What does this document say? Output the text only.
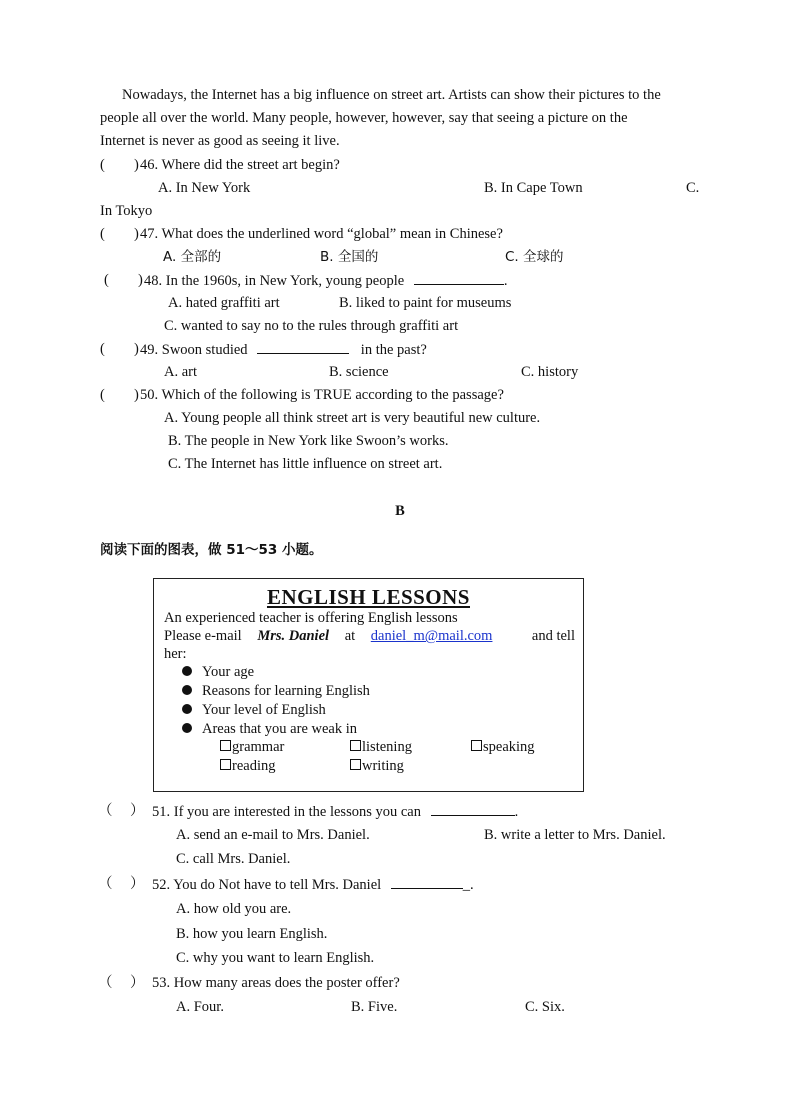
Nowadays, the Internet has a big influence on street art. Artists can show their pictures to the

people all over the world. Many people, however, however, say that seeing a picture on the

Internet is never as good as seeing it live.

( ) 46. Where did the street art begin?
A. In New York	B. In Cape Town	C.
In Tokyo
( ) 47. What does the underlined word “global” mean in Chinese?
A. 全部的	B. 全国的	C. 全球的
( ) 48. In the 1960s, in New York, young people	.
A. hated graffiti art	B. liked to paint for museums
C. wanted to say no to the rules through graffiti art
( ) 49. Swoon studied	in the past?
A. art	B. science	C. history
( ) 50. Which of the following is TRUE according to the passage?
A. Young people all think street art is very beautiful new culture.
B. The people in New York like Swoon’s works.
C. The Internet has little influence on street art.
B
阅读下面的图表，做 51～53 小题。
ENGLISH LESSONS
An experienced teacher is offering English lessons
Please e-mail Mrs. Daniel at daniel_m@mail.com	and tell
her:
Your age
Reasons for learning English
Your level of English
Areas that you are weak in
grammar	listening	speaking
reading	writing
（ ） 51. If you are interested in the lessons you can	.
A. send an e-mail to Mrs. Daniel.	B. write a letter to Mrs. Daniel.
C. call Mrs. Daniel.
（ ） 52. You do Not have to tell Mrs. Daniel	_.
A. how old you are.
B. how you learn English.
C. why you want to learn English.
（ ） 53. How many areas does the poster offer?
A. Four.	B. Five.	C. Six.
